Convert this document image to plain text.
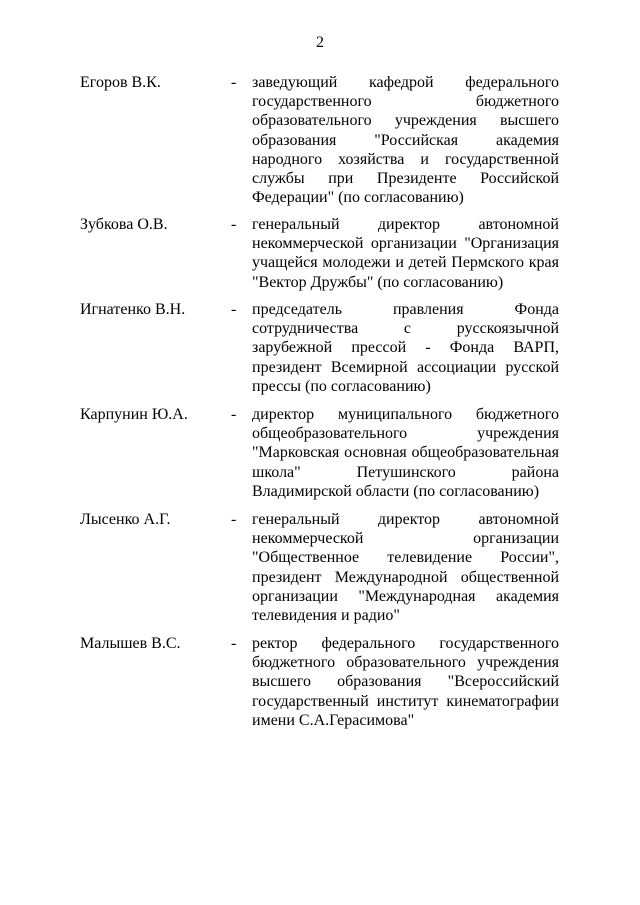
2
Егоров В.К.	- заведующий кафедрой федерального
государственного бюджетного
образовательного учреждения высшего
образования "Российская академия
народного хозяйства и государственной
службы при Президенте Российской
Федерации" (по согласованию)
Зубкова О.В.	- генеральный директор автономной
некоммерческой организации "Организация
учащейся молодежи и детей Пермского края
"Вектор Дружбы" (по согласованию)
Игнатенко В.Н.	- председатель правления Фонда
сотрудничества с русскоязычной
зарубежной прессой - Фонда ВАРП,
президент Всемирной ассоциации русской
прессы (по согласованию)
Карпунин Ю.А.	- директор муниципального бюджетного
общеобразовательного учреждения
"Марковская основная общеобразовательная
школа" Петушинского района
Владимирской области (по согласованию)
Лысенко А.Г.	- генеральный директор автономной
некоммерческой организации
"Общественное телевидение России",
президент Международной общественной
организации "Международная академия
телевидения и радио"
Малышев В.С.	- ректор федерального государственного
бюджетного образовательного учреждения
высшего образования "Всероссийский
государственный институт кинематографии
имени С.А.Герасимова"
